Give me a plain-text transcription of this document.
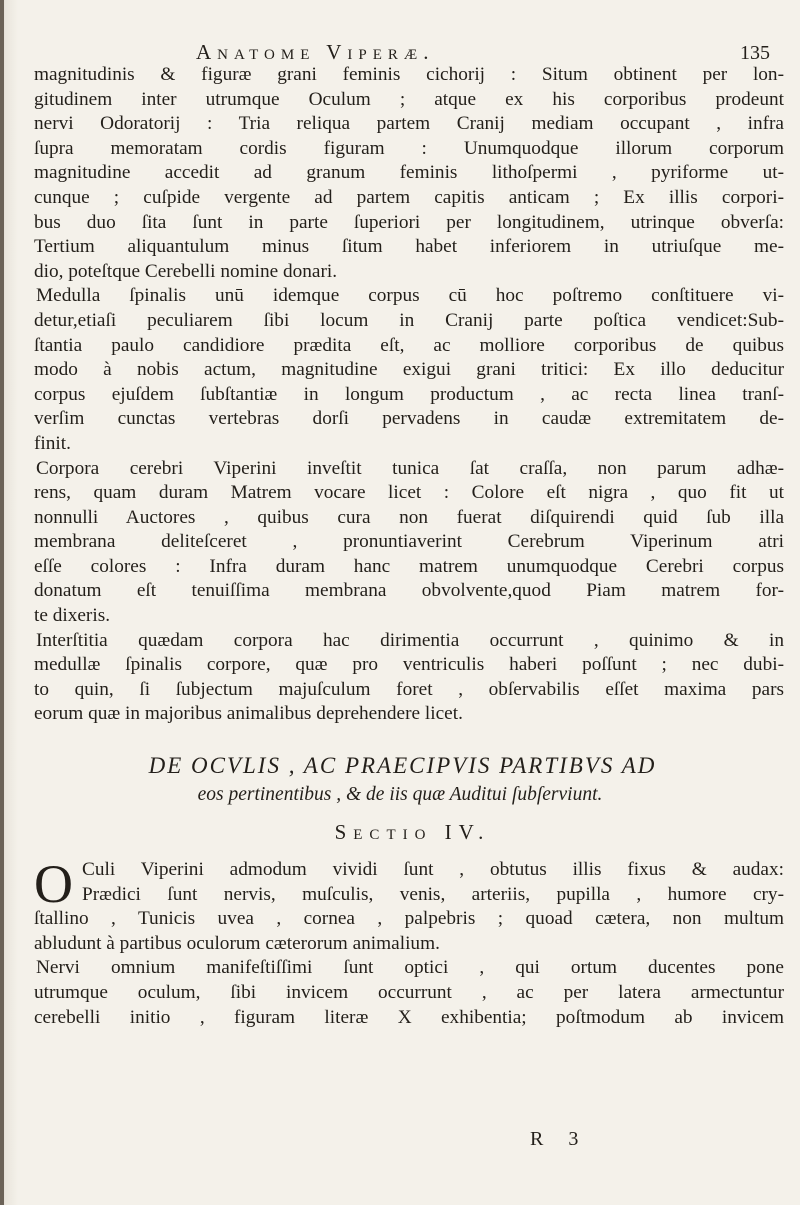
Anatome Viperæ.	135

magnitudinis & figuræ grani feminis cichorij : Situm obtinent per lon-
gitudinem inter utrumque Oculum ; atque ex his corporibus prodeunt
nervi Odoratorij : Tria reliqua partem Cranij mediam occupant , infra
ſupra memoratam cordis figuram : Unumquodque illorum corporum
magnitudine accedit ad granum feminis lithoſpermi , pyriforme ut-
cunque ; cuſpide vergente ad partem capitis anticam ; Ex illis corpori-
bus duo ſita ſunt in parte ſuperiori per longitudinem, utrinque obverſa:
Tertium aliquantulum minus ſitum habet inferiorem in utriuſque me-
dio, poteſtque Cerebelli nomine donari.

Medulla ſpinalis unū idemque corpus cū hoc poſtremo conſtituere vi-
detur,etiaſi peculiarem ſibi locum in Cranij parte poſtica vendicet:Sub-
ſtantia paulo candidiore prædita eſt, ac molliore corporibus de quibus
modo à nobis actum, magnitudine exigui grani tritici: Ex illo deducitur
corpus ejuſdem ſubſtantiæ in longum productum , ac recta linea tranſ-
verſim cunctas vertebras dorſi pervadens in caudæ extremitatem de-
finit.

Corpora cerebri Viperini inveſtit tunica ſat craſſa, non parum adhæ-
rens, quam duram Matrem vocare licet : Colore eſt nigra , quo fit ut
nonnulli Auctores , quibus cura non fuerat diſquirendi quid ſub illa
membrana deliteſceret , pronuntiaverint Cerebrum Viperinum atri
eſſe colores : Infra duram hanc matrem unumquodque Cerebri corpus
donatum eſt tenuiſſima membrana obvolvente,quod Piam matrem for-
te dixeris.

Interſtitia quædam corpora hac dirimentia occurrunt , quinimo & in
medullæ ſpinalis corpore, quæ pro ventriculis haberi poſſunt ; nec dubi-
to quin, ſi ſubjectum majuſculum foret , obſervabilis eſſet maxima pars
eorum quæ in majoribus animalibus deprehendere licet.

DE OCVLIS , AC PRAECIPVIS PARTIBVS AD
eos pertinentibus , & de iis quæ Auditui ſubſerviunt.
Sectio IV.
O Culi Viperini admodum vividi ſunt , obtutus illis fixus & audax:
Prædici ſunt nervis, muſculis, venis, arteriis, pupilla , humore cry-
ſtallino , Tunicis uvea , cornea , palpebris ; quoad cætera, non multum
abludunt à partibus oculorum cæterorum animalium.

Nervi omnium manifeſtiſſimi ſunt optici , qui ortum ducentes pone
utrumque oculum, ſibi invicem occurrunt , ac per latera armectuntur
cerebelli initio , figuram literæ X exhibentia; poſtmodum ab invicem

R 3
